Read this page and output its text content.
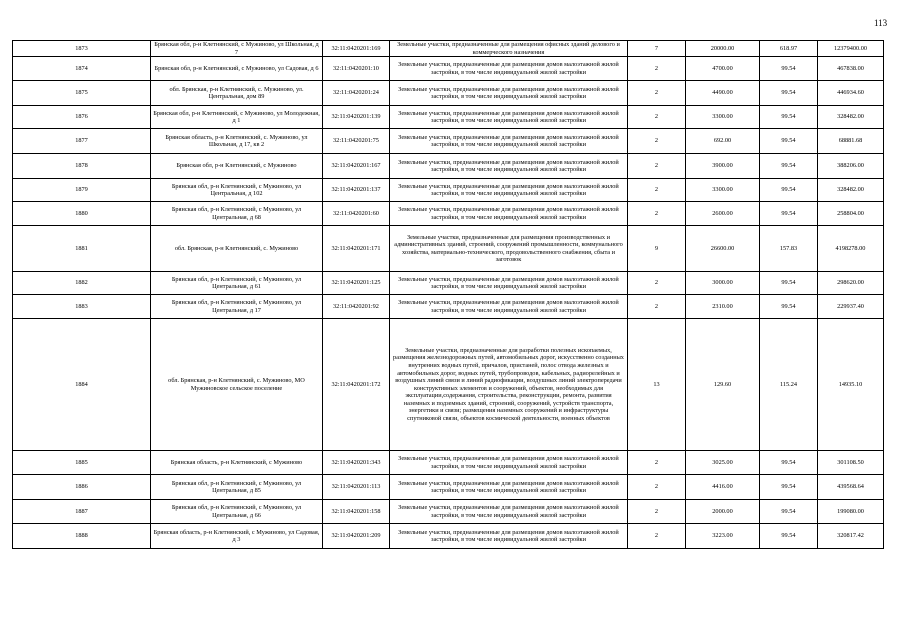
113
1873	Брянская обл, р-н Клетнянский, с Мужиново, ул Школьная, д 7	32:11:0420201:169	Земельные участки, предназначенные для размещения офисных зданий делового и коммерческого назначения	7	20000.00	618.97	12379400.00
1874	Брянская обл, р-н Клетнянский, с Мужиново, ул Садовая, д 6	32:11:0420201:10	Земельные участки, предназначенные для размещения домов малоэтажной жилой застройки, в том числе индивидуальной жилой застройки	2	4700.00	99.54	467838.00
1875	обл. Брянская, р-н Клетнянский, с. Мужиново, ул. Центральная, дом 89	32:11:0420201:24	Земельные участки, предназначенные для размещения домов малоэтажной жилой застройки, в том числе индивидуальной жилой застройки	2	4490.00	99.54	446934.60
1876	Брянская обл, р-н Клетнянский, с Мужиново, ул Молодежная, д 1	32:11:0420201:139	Земельные участки, предназначенные для размещения домов малоэтажной жилой застройки, в том числе индивидуальной жилой застройки	2	3300.00	99.54	328482.00
1877	Брянская область, р-н Клетнянский, с. Мужиново, ул Школьная, д 17, кв 2	32:11:0420201:75	Земельные участки, предназначенные для размещения домов малоэтажной жилой застройки, в том числе индивидуальной жилой застройки	2	692.00	99.54	68881.68
1878	Брянская обл, р-н Клетнянский, с Мужиново	32:11:0420201:167	Земельные участки, предназначенные для размещения домов малоэтажной жилой застройки, в том числе индивидуальной жилой застройки	2	3900.00	99.54	388206.00
1879	Брянская обл, р-н Клетнянский, с Мужиново, ул Центральная, д 102	32:11:0420201:137	Земельные участки, предназначенные для размещения домов малоэтажной жилой застройки, в том числе индивидуальной жилой застройки	2	3300.00	99.54	328482.00
1880	Брянская обл, р-н Клетнянский, с Мужиново, ул Центральная, д 68	32:11:0420201:60	Земельные участки, предназначенные для размещения домов малоэтажной жилой застройки, в том числе индивидуальной жилой застройки	2	2600.00	99.54	258804.00
1881	обл. Брянская, р-н Клетнянский, с. Мужиново	32:11:0420201:171	Земельные участки, предназначенные для размещения производственных и административных зданий, строений, сооружений промышленности, коммунального хозяйства, материально-технического, продовольственного снабжения, сбыта и заготовок	9	26600.00	157.83	4198278.00
1882	Брянская обл, р-н Клетнянский, с Мужиново, ул Центральная, д 61	32:11:0420201:125	Земельные участки, предназначенные для размещения домов малоэтажной жилой застройки, в том числе индивидуальной жилой застройки	2	3000.00	99.54	298620.00
1883	Брянская обл, р-н Клетнянский, с Мужиново, ул Центральная, д 17	32:11:0420201:92	Земельные участки, предназначенные для размещения домов малоэтажной жилой застройки, в том числе индивидуальной жилой застройки	2	2310.00	99.54	229937.40
1884	обл. Брянская, р-н Клетнянский, с. Мужиново, МО Мужиновское сельское поселение	32:11:0420201:172	Земельные участки, предназначенные для разработки полезных ископаемых, размещения железнодорожных путей, автомобильных дорог, искусственно созданных внутренних водных путей, причалов, пристаней, полос отвода железных и автомобильных дорог, водных путей, трубопроводов, кабельных, радиорелейных и воздушных линий связи и линий радиофикации, воздушных линий электропередачи конструктивных элементов и сооружений, объектов, необходимых для эксплуатации,содержания, строительства, реконструкции, ремонта, развития наземных и подземных зданий, строений, сооружений, устройств транспорта, энергетики и связи; размещения наземных сооружений и инфраструктуры спутниковой связи, объектов космической деятельности, военных объектов	13	129.60	115.24	14935.10
1885	Брянская область, р-н Клетнянский, с Мужиново	32:11:0420201:343	Земельные участки, предназначенные для размещения домов малоэтажной жилой застройки, в том числе индивидуальной жилой застройки	2	3025.00	99.54	301108.50
1886	Брянская обл, р-н Клетнянский, с Мужиново, ул Центральная, д 85	32:11:0420201:113	Земельные участки, предназначенные для размещения домов малоэтажной жилой застройки, в том числе индивидуальной жилой застройки	2	4416.00	99.54	439568.64
1887	Брянская обл, р-н Клетнянский, с Мужиново, ул Центральная, д 66	32:11:0420201:158	Земельные участки, предназначенные для размещения домов малоэтажной жилой застройки, в том числе индивидуальной жилой застройки	2	2000.00	99.54	199080.00
1888	Брянская область, р-н Клетнянский, с Мужиново, ул Садовая, д 3	32:11:0420201:209	Земельные участки, предназначенные для размещения домов малоэтажной жилой застройки, в том числе индивидуальной жилой застройки	2	3223.00	99.54	320817.42
